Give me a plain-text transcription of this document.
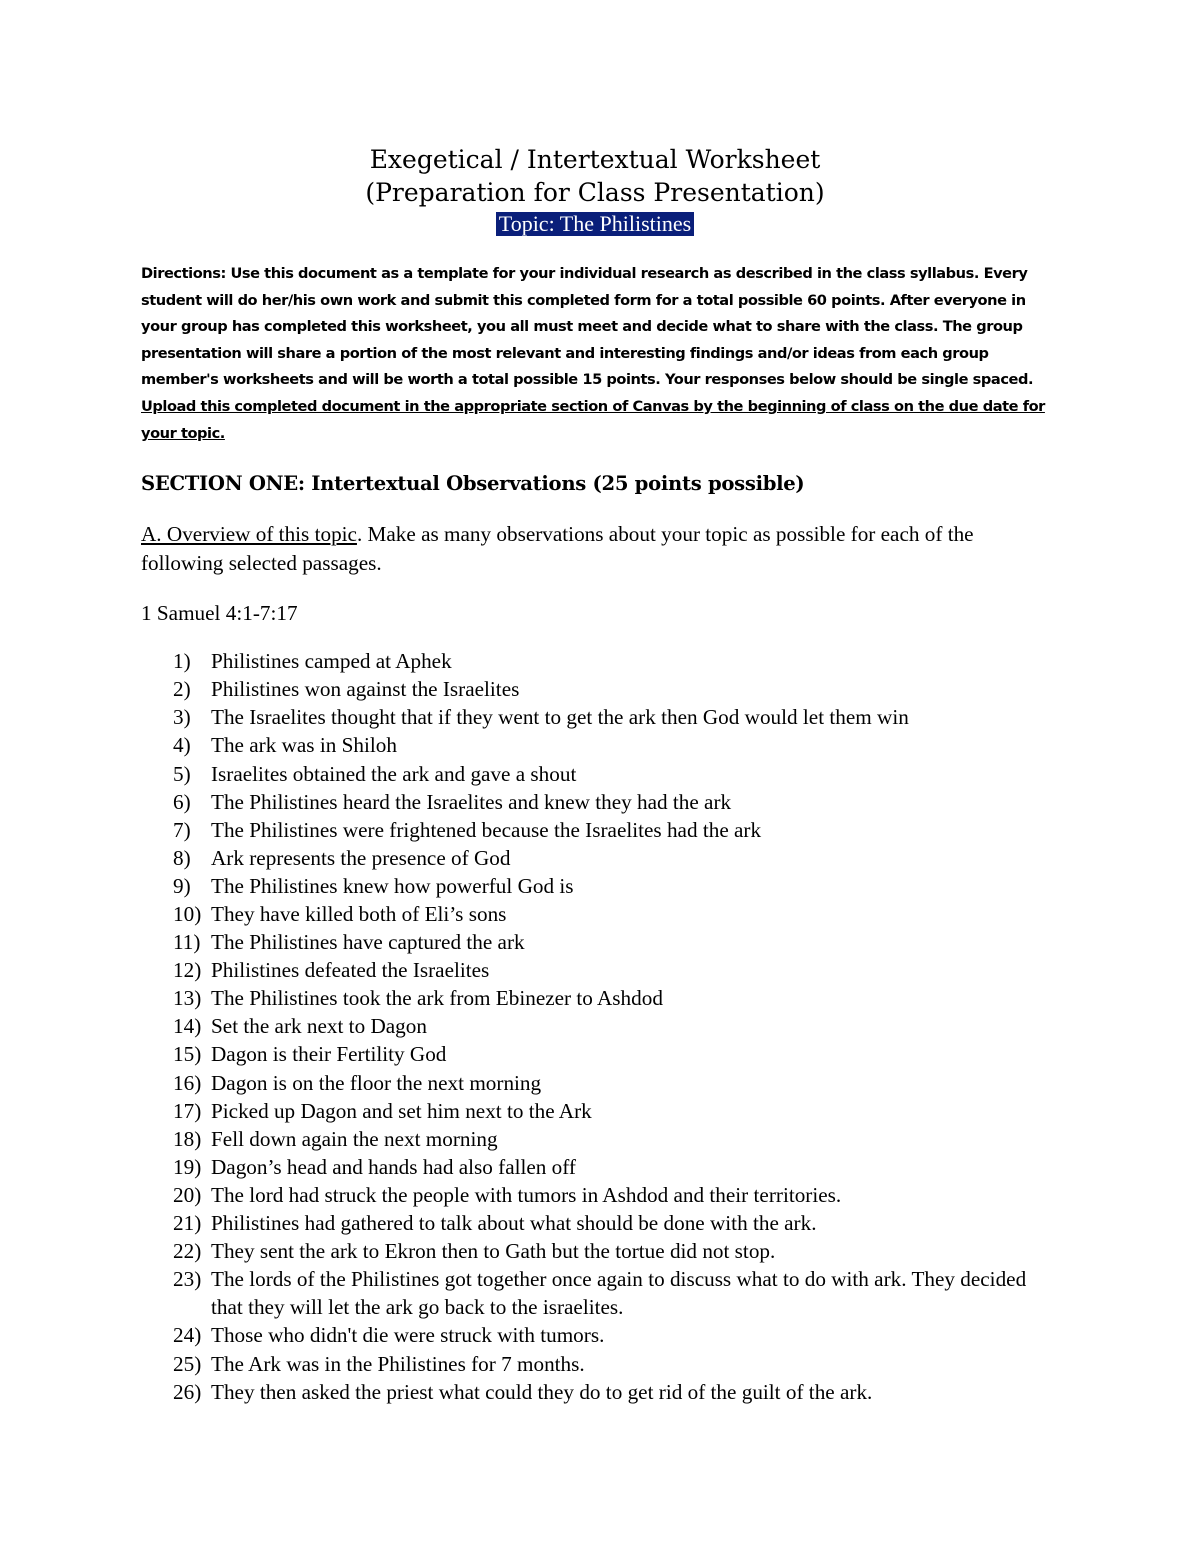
Exegetical / Intertextual Worksheet
(Preparation for Class Presentation)
Topic: The Philistines
Directions: Use this document as a template for your individual research as described in the class syllabus. Every student will do her/his own work and submit this completed form for a total possible 60 points. After everyone in your group has completed this worksheet, you all must meet and decide what to share with the class. The group presentation will share a portion of the most relevant and interesting findings and/or ideas from each group member's worksheets and will be worth a total possible 15 points. Your responses below should be single spaced. Upload this completed document in the appropriate section of Canvas by the beginning of class on the due date for your topic.
SECTION ONE: Intertextual Observations (25 points possible)
A. Overview of this topic. Make as many observations about your topic as possible for each of the following selected passages.
1 Samuel 4:1-7:17
1) Philistines camped at Aphek
2) Philistines won against the Israelites
3) The Israelites thought that if they went to get the ark then God would let them win
4) The ark was in Shiloh
5) Israelites obtained the ark and gave a shout
6) The Philistines heard the Israelites and knew they had the ark
7) The Philistines were frightened because the Israelites had the ark
8) Ark represents the presence of God
9) The Philistines knew how powerful God is
10) They have killed both of Eli’s sons
11) The Philistines have captured the ark
12) Philistines defeated the Israelites
13) The Philistines took the ark from Ebinezer to Ashdod
14) Set the ark next to Dagon
15) Dagon is their Fertility God
16) Dagon is on the floor the next morning
17) Picked up Dagon and set him next to the Ark
18) Fell down again the next morning
19) Dagon’s head and hands had also fallen off
20) The lord had struck the people with tumors in Ashdod and their territories.
21) Philistines had gathered to talk about what should be done with the ark.
22) They sent the ark to Ekron then to Gath but the tortue did not stop.
23) The lords of the Philistines got together once again to discuss what to do with ark. They decided that they will let the ark go back to the israelites.
24) Those who didn't die were struck with tumors.
25) The Ark was in the Philistines for 7 months.
26) They then asked the priest what could they do to get rid of the guilt of the ark.
